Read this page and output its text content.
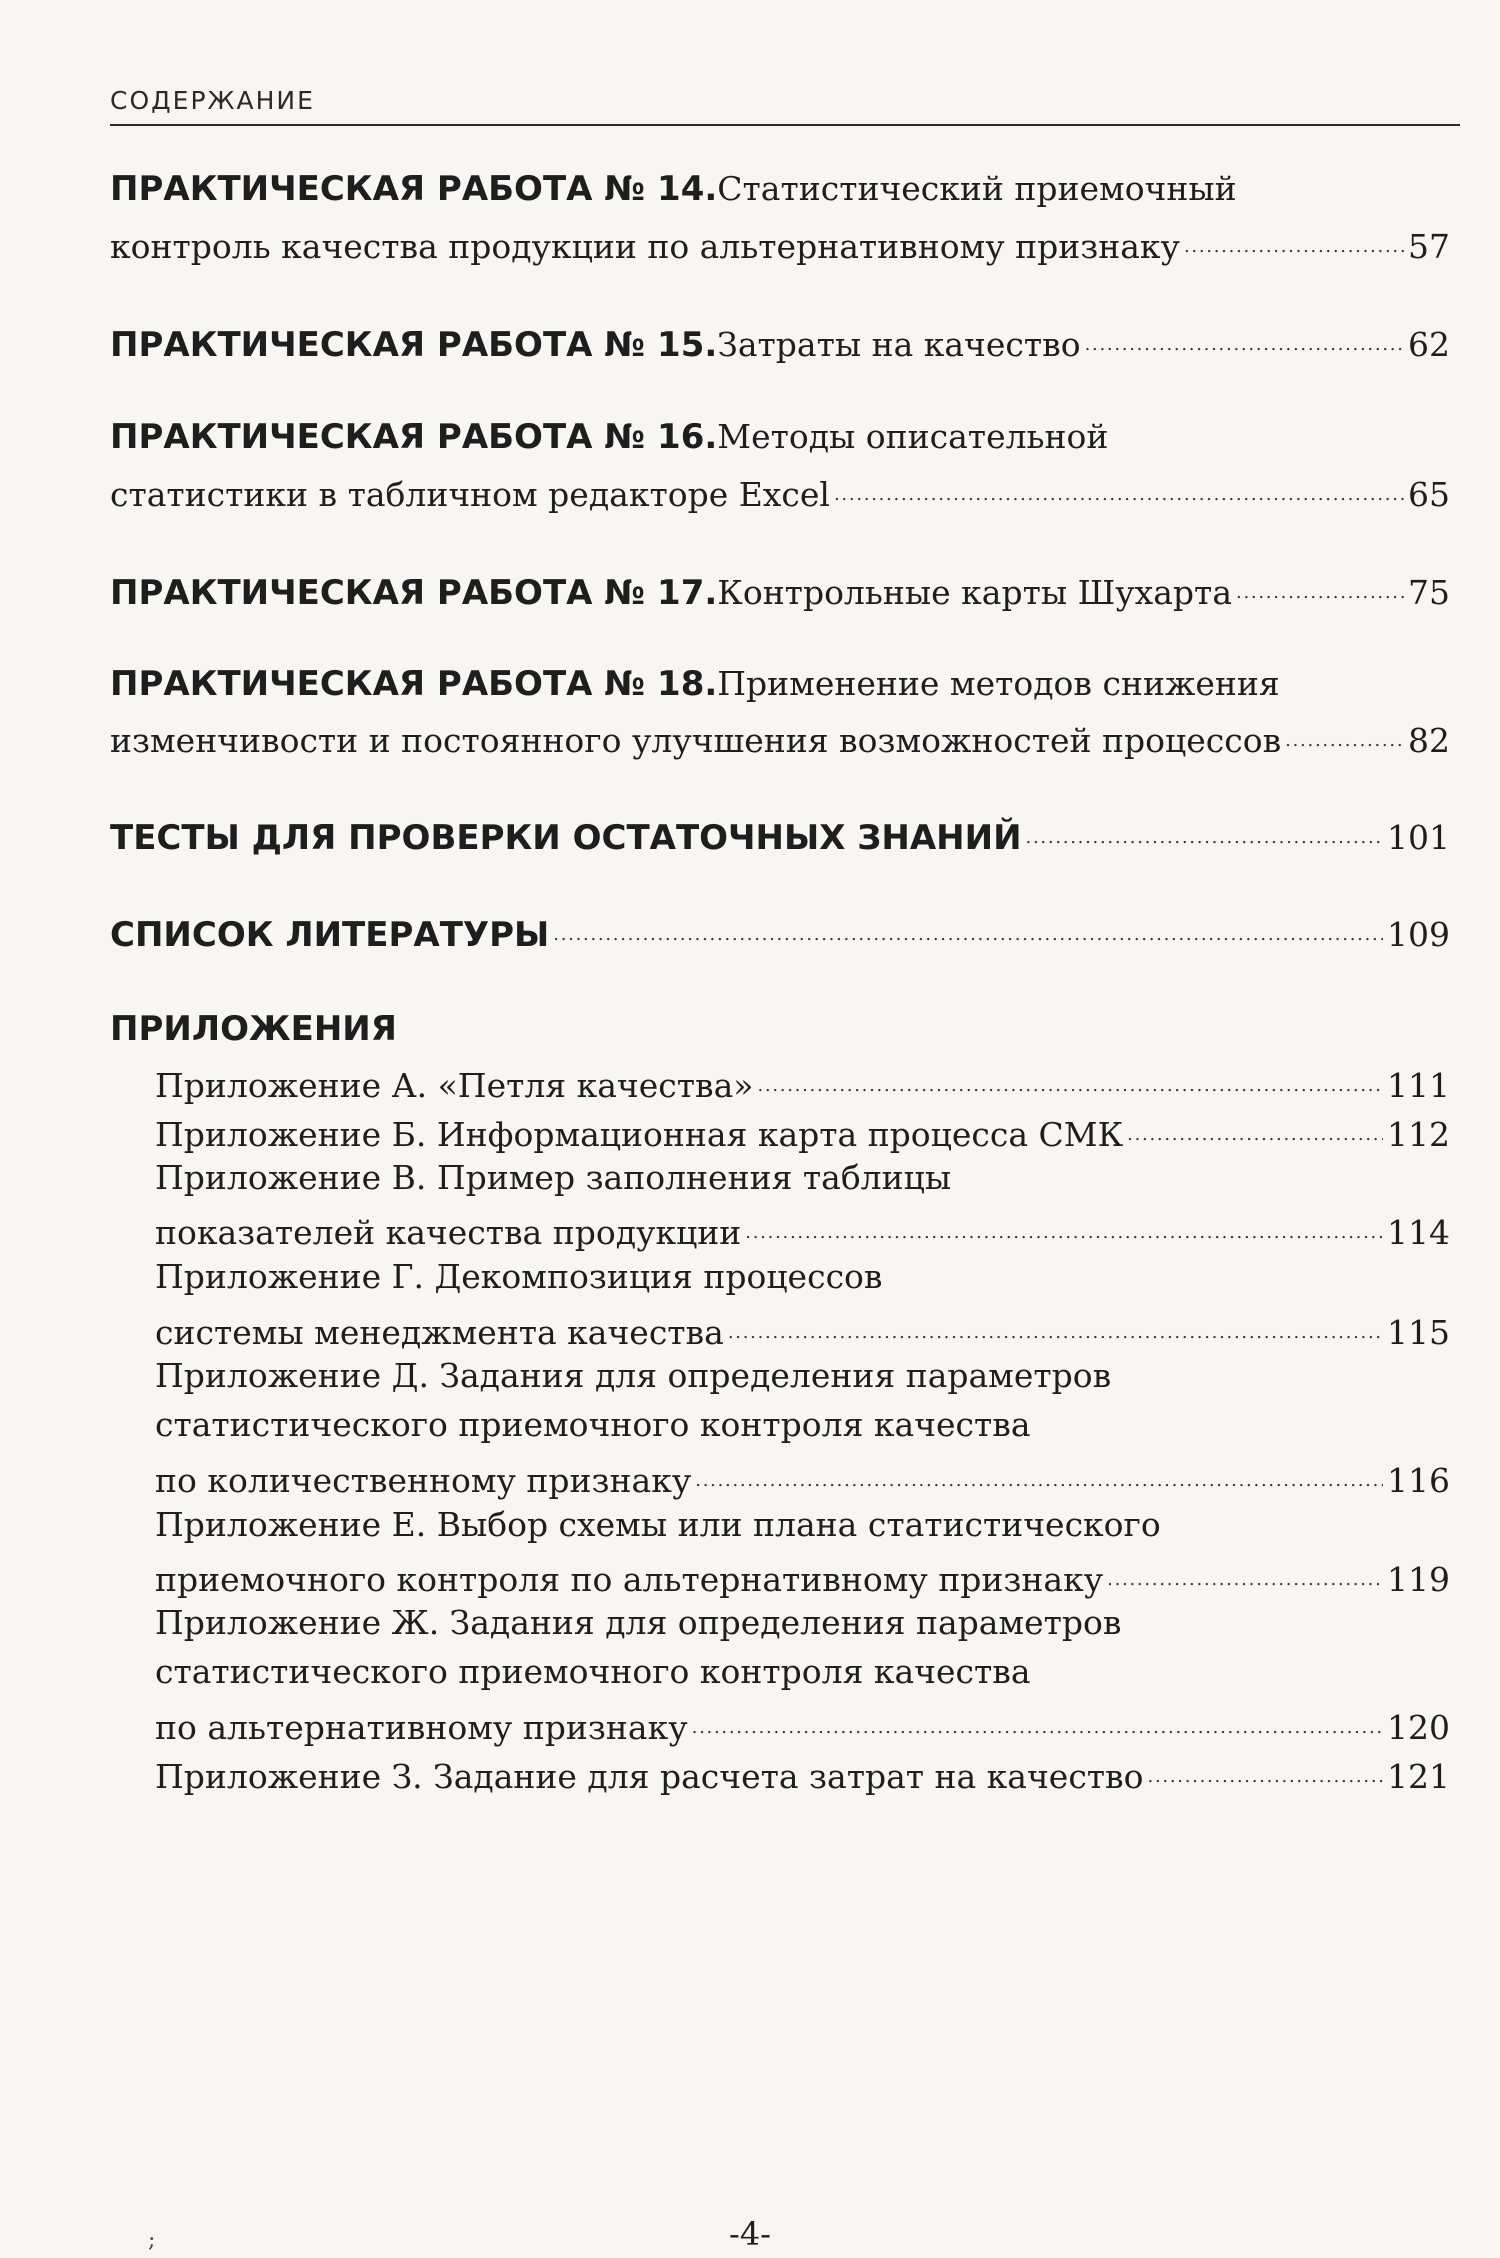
СОДЕРЖАНИЕ
ПРАКТИЧЕСКАЯ РАБОТА № 14. Статистический приемочный
контроль качества продукции по альтернативному признаку . . .	57
ПРАКТИЧЕСКАЯ РАБОТА № 15. Затраты на качество . . .	62
ПРАКТИЧЕСКАЯ РАБОТА № 16. Методы описательной
статистики в табличном редакторе Excel . . .	65
ПРАКТИЧЕСКАЯ РАБОТА № 17. Контрольные карты Шухарта . . .	75
ПРАКТИЧЕСКАЯ РАБОТА № 18. Применение методов снижения
изменчивости и постоянного улучшения возможностей процессов . . .	82
ТЕСТЫ ДЛЯ ПРОВЕРКИ ОСТАТОЧНЫХ ЗНАНИЙ . . .	101
СПИСОК ЛИТЕРАТУРЫ . . .	109
ПРИЛОЖЕНИЯ
Приложение А. «Петля качества» . . .	111
Приложение Б. Информационная карта процесса СМК . . .	112
Приложение В. Пример заполнения таблицы
показателей качества продукции . . .	114
Приложение Г. Декомпозиция процессов
системы менеджмента качества . . .	115
Приложение Д. Задания для определения параметров
статистического приемочного контроля качества
по количественному признаку . . .	116
Приложение Е. Выбор схемы или плана статистического
приемочного контроля по альтернативному признаку . . .	119
Приложение Ж. Задания для определения параметров
статистического приемочного контроля качества
по альтернативному признаку . . .	120
Приложение З. Задание для расчета затрат на качество . . .	121
-4-
;
